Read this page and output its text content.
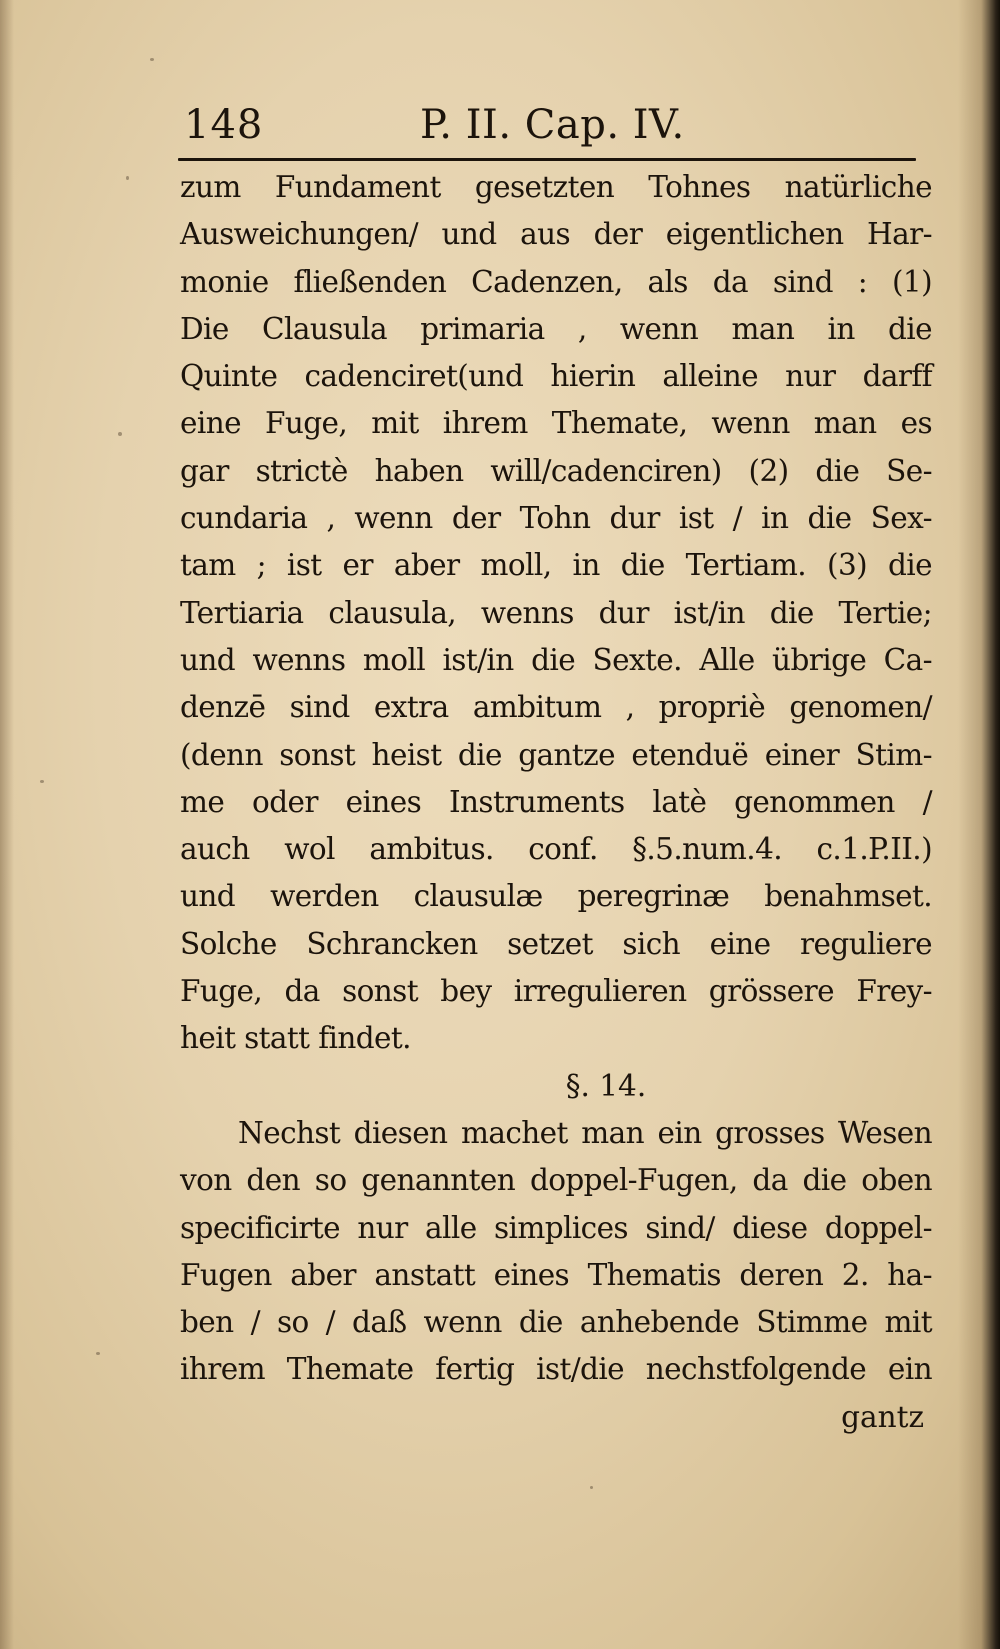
148	P. II. Cap. IV.
zum Fundament gesetzten Tohnes natürliche
Ausweichungen/ und aus der eigentlichen Har-
monie fließenden Cadenzen, als da sind : (1)
Die Clausula primaria , wenn man in die
Quinte cadenciret(und hierin alleine nur darff
eine Fuge, mit ihrem Themate, wenn man es
gar strictè haben will/cadenciren) (2) die Se-
cundaria , wenn der Tohn dur ist / in die Sex-
tam ; ist er aber moll, in die Tertiam. (3) die
Tertiaria clausula, wenns dur ist/in die Tertie;
und wenns moll ist/in die Sexte. Alle übrige Ca-
denzē sind extra ambitum , propriè genomen/
(denn sonst heist die gantze etenduë einer Stim-
me oder eines Instruments latè genommen /
auch wol ambitus. conf. §.5.num.4. c.1.P.II.)
und werden clausulæ peregrinæ benahmset.
Solche Schrancken setzet sich eine reguliere
Fuge, da sonst bey irregulieren grössere Frey-
heit statt findet.
§. 14.
Nechst diesen machet man ein grosses Wesen
von den so genannten doppel-Fugen, da die oben
specificirte nur alle simplices sind/ diese doppel-
Fugen aber anstatt eines Thematis deren 2. ha-
ben / so / daß wenn die anhebende Stimme mit
ihrem Themate fertig ist/die nechstfolgende ein
gantz
